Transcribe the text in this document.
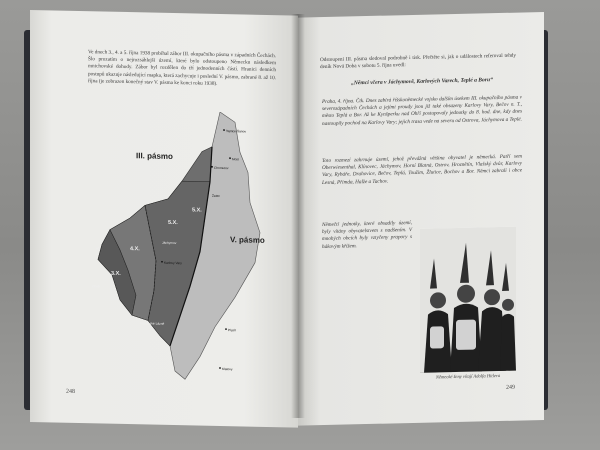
Ve dnech 3., 4. a 5. října 1938 probíhal zábor III. okupačního pásma v západních Čechách. Šlo prozatím o nejrozsáhlejší území, které bylo odstoupeno Německu následkem mnichovské dohody. Zábor byl rozdělen do tří jednodenních částí. Hranici denních postupů ukazuje následující mapka, která zachycuje i poslední V. pásmo, zabrané 8. až 10. října (je zobrazen konečný stav V. pásma ke konci roku 1938).

III. pásmo
V. pásmo
3.X.
4.X.
5.X.
5.X.
Teplice-Šanov
Most
Chomutov
Karlovy Vary
Cheb
Mariánské Lázně
Plzeň
Klatovy
Žatec
Jáchymov
Aš
248

Odstoupení III. pásma sledoval podrobně i tisk. Přečtěte si, jak o událostech referoval tehdy deník Nová Doba v sobotu 5. října uvedl:

„Němci včera v Jáchymově, Karlových Varech, Teplé a Boru“

Praha, 4. října. Čtk. Dnes zabírá říšskoněmecké vojsko dalším úsekem III. okupačního pásma v severozápadních Čechách a jejími proudy jsou již také obsazeny Karlovy Vary, Bečov n. T., město Teplá a Bor. Až ke Kynšperku nad Ohří postupovaly jednotky do 8. hod. dne, kdy dnes nastoupily pochod na Karlovy Vary; jejich trasa vede na severu od Ostrova, Jáchymova a Teplé.

Toto rozmezí zahrnuje území, jehož převážná většina obyvatel je německá. Patří sem Oberwiesenthal, Klínovec, Jáchymov, Horní Blatná, Ostrov, Hroznětín, Vlašský dvůr, Karlovy Vary, Rybáře, Drahovice, Bečov, Teplá, Toužim, Žlutice, Bochov a Bor. Němci zabrali i obce Lesná, Přimda, Halže a Tachov.

Němečtí jednotky, které obsadily území, byly vítány obyvatelstvem s nadšením. V mnohých obcích byly vztyčeny prapory s hákovým křížem.

Německé ženy vítají Adolfa Hitlera
249
